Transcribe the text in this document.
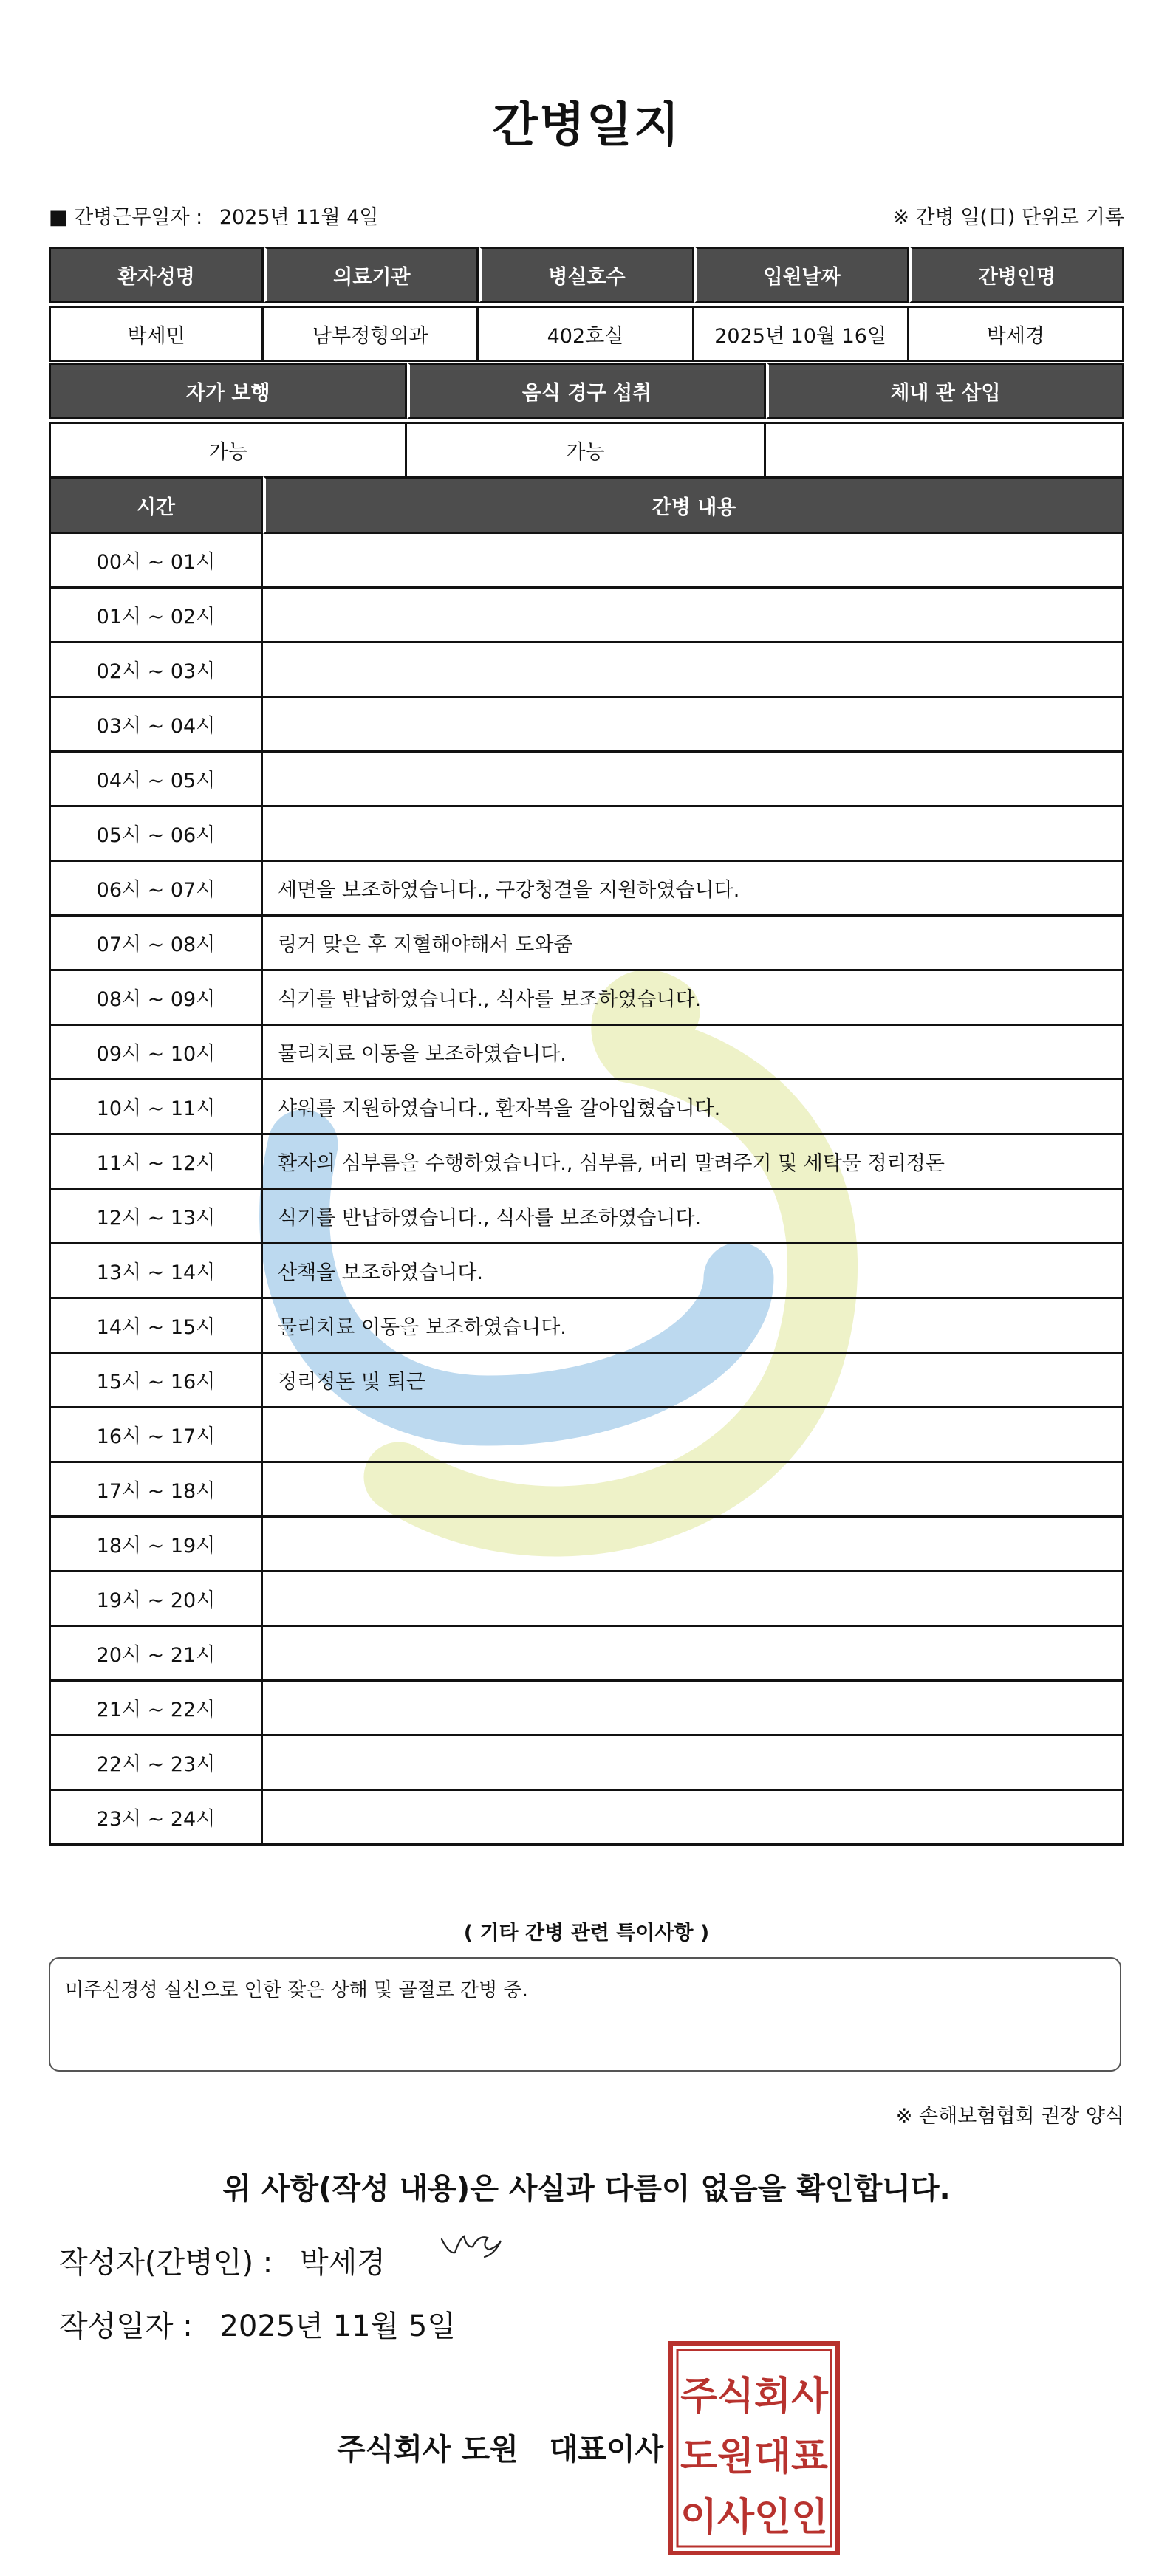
간병일지
■ 간병근무일자 : 2025년 11월 4일	※ 간병 일(日) 단위로 기록
환자성명	의료기관	병실호수	입원날짜	간병인명
박세민	남부정형외과	402호실	2025년 10월 16일	박세경
자가 보행	음식 경구 섭취	체내 관 삽입
가능	가능	
시간	간병 내용
00시 ~ 01시	
01시 ~ 02시	
02시 ~ 03시	
03시 ~ 04시	
04시 ~ 05시	
05시 ~ 06시	
06시 ~ 07시	세면을 보조하였습니다., 구강청결을 지원하였습니다.
07시 ~ 08시	링거 맞은 후 지혈해야해서 도와줌
08시 ~ 09시	식기를 반납하였습니다., 식사를 보조하였습니다.
09시 ~ 10시	물리치료 이동을 보조하였습니다.
10시 ~ 11시	샤워를 지원하였습니다., 환자복을 갈아입혔습니다.
11시 ~ 12시	환자의 심부름을 수행하였습니다., 심부름, 머리 말려주기 및 세탁물 정리정돈
12시 ~ 13시	식기를 반납하였습니다., 식사를 보조하였습니다.
13시 ~ 14시	산책을 보조하였습니다.
14시 ~ 15시	물리치료 이동을 보조하였습니다.
15시 ~ 16시	정리정돈 및 퇴근
16시 ~ 17시	
17시 ~ 18시	
18시 ~ 19시	
19시 ~ 20시	
20시 ~ 21시	
21시 ~ 22시	
22시 ~ 23시	
23시 ~ 24시	
( 기타 간병 관련 특이사항 )
미주신경성 실신으로 인한 잦은 상해 및 골절로 간병 중.
※ 손해보험협회 권장 양식
위 사항(작성 내용)은 사실과 다름이 없음을 확인합니다.
작성자(간병인) : 박세경
작성일자 : 2025년 11월 5일
주식회사 도원 대표이사
주식회사
도원대표
이사인인
